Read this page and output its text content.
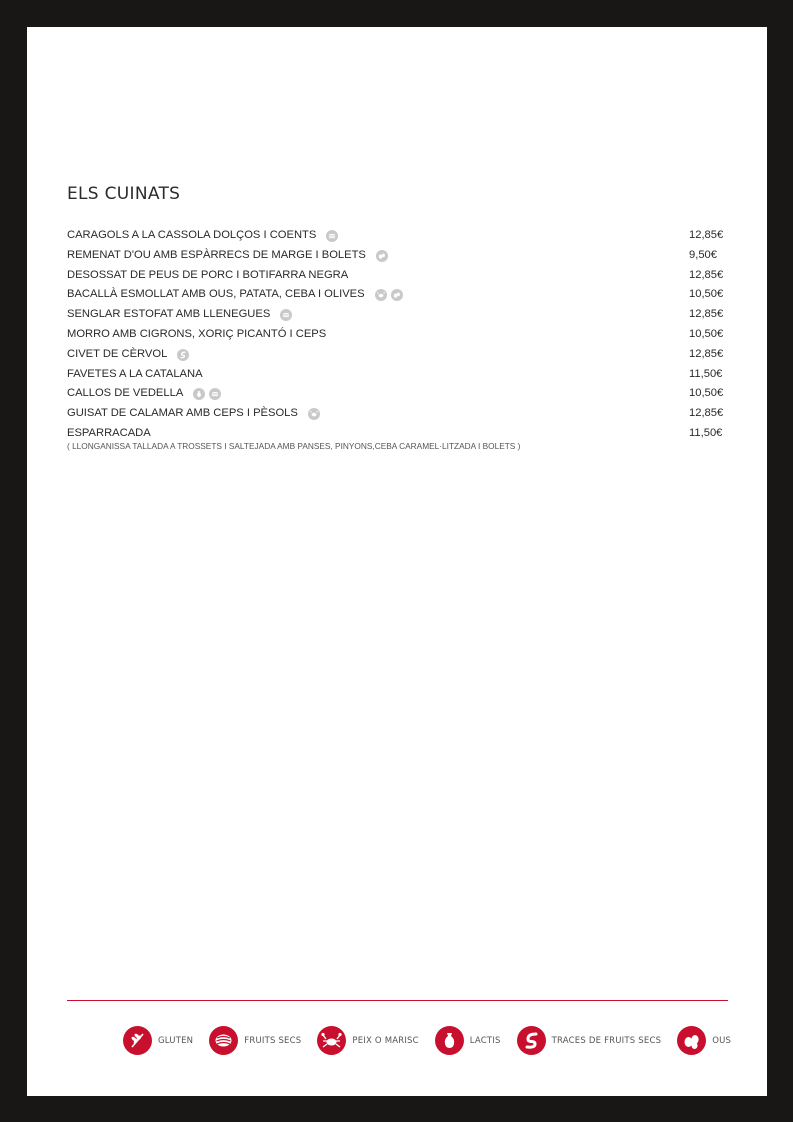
ELS CUINATS
CARAGOLS A LA CASSOLA DOLÇOS I COENTS	12,85€
REMENAT D'OU AMB ESPÀRRECS DE MARGE I BOLETS	9,50€
DESOSSAT DE PEUS DE PORC I BOTIFARRA NEGRA	12,85€
BACALLÀ ESMOLLAT AMB OUS, PATATA, CEBA I OLIVES	10,50€
SENGLAR ESTOFAT AMB LLENEGUES	12,85€
MORRO AMB CIGRONS, XORIÇ PICANTÓ I CEPS	10,50€
CIVET DE CÈRVOL	12,85€
FAVETES A LA CATALANA	11,50€
CALLOS DE VEDELLA	10,50€
GUISAT DE CALAMAR AMB CEPS I PÈSOLS	12,85€
ESPARRACADA	11,50€
( LLONGANISSA TALLADA A TROSSETS I SALTEJADA AMB PANSES, PINYONS,CEBA CARAMEL·LITZADA I BOLETS )
GLUTEN	FRUITS SECS	PEIX O MARISC	LACTIS	TRACES DE FRUITS SECS	OUS
